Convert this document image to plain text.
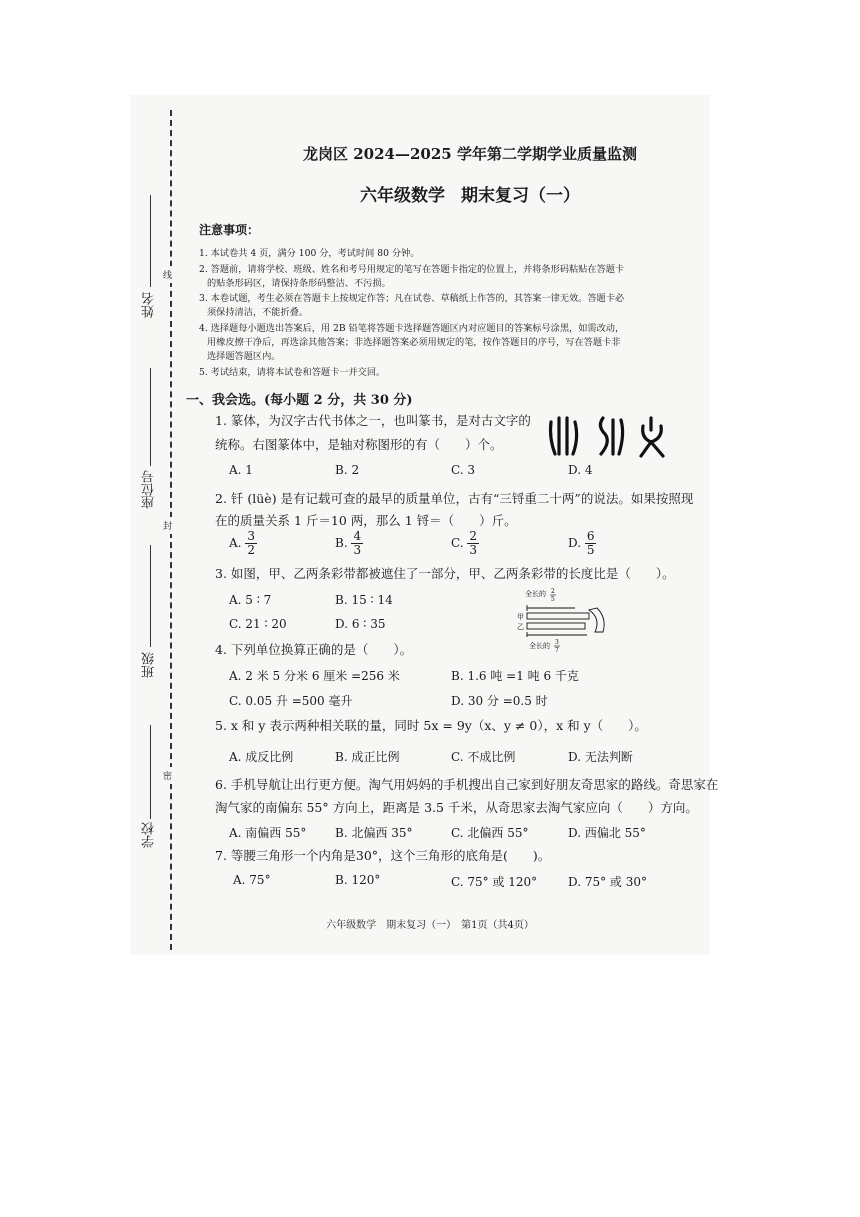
姓名
座位号
班级
学校
线
封
密
龙岗区 2024—2025 学年第二学期学业质量监测
六年级数学 期末复习（一）
注意事项：
1. 本试卷共 4 页，满分 100 分，考试时间 80 分钟。
2. 答题前，请将学校、班级、姓名和考号用规定的笔写在答题卡指定的位置上，并将条形码粘贴在答题卡
的贴条形码区，请保持条形码整洁、不污损。
3. 本卷试题，考生必须在答题卡上按规定作答；凡在试卷、草稿纸上作答的，其答案一律无效。答题卡必
须保持清洁，不能折叠。
4. 选择题每小题选出答案后，用 2B 铅笔将答题卡选择题答题区内对应题目的答案标号涂黑，如需改动，
用橡皮擦干净后，再选涂其他答案；非选择题答案必须用规定的笔，按作答题目的序号，写在答题卡非
选择题答题区内。
5. 考试结束，请将本试卷和答题卡一并交回。
一、我会选。(每小题 2 分，共 30 分)
1. 篆体，为汉字古代书体之一，也叫篆书，是对古文字的
统称。右图篆体中，是轴对称图形的有（　　）个。
A. 1	B. 2	C. 3	D. 4
2. 钎 (lüè) 是有记载可查的最早的质量单位，古有“三锊重二十两”的说法。如果按照现
在的质量关系 1 斤＝10 两，那么 1 锊＝（　　）斤。
A. $\frac{3}{2}$	B. $\frac{4}{3}$	C. $\frac{2}{3}$	D. $\frac{6}{5}$
3. 如图，甲、乙两条彩带都被遮住了一部分，甲、乙两条彩带的长度比是（　　）。
A. 5 ∶ 7	B. 15 ∶ 14
C. 21 ∶ 20	D. 6 ∶ 35
全长的 2
5
甲
乙
全长的 3
7
4. 下列单位换算正确的是（　　）。
A. 2 米 5 分米 6 厘米 =256 米	B. 1.6 吨 =1 吨 6 千克
C. 0.05 升 =500 毫升	D. 30 分 =0.5 时
5. x 和 y 表示两种相关联的量，同时 5x = 9y（x、y ≠ 0），x 和 y（　　）。
A. 成反比例	B. 成正比例	C. 不成比例	D. 无法判断
6. 手机导航让出行更方便。淘气用妈妈的手机搜出自己家到好朋友奇思家的路线。奇思家在
淘气家的南偏东 55° 方向上，距离是 3.5 千米，从奇思家去淘气家应向（　　）方向。
A. 南偏西 55° B. 北偏西 35°	C. 北偏西 55°	D. 西偏北 55°
7. 等腰三角形一个内角是30°，这个三角形的底角是(　　)。
A. 75°	B. 120°	C. 75° 或 120°	D. 75° 或 30°
六年级数学　期末复习（一）　第1页（共4页）
